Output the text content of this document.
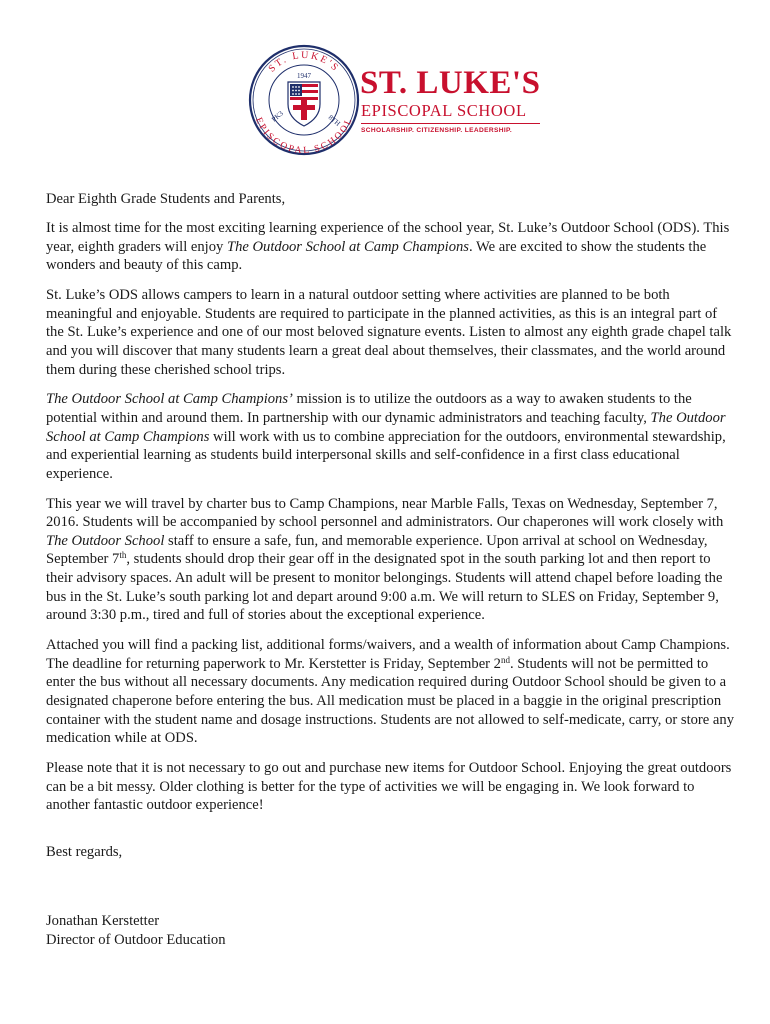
ST. LUKE'S
EPISCOPAL SCHOOL
1947
PK3	8TH
ST. LUKE'S
EPISCOPAL SCHOOL
SCHOLARSHIP. CITIZENSHIP. LEADERSHIP.

Dear Eighth Grade Students and Parents,

It is almost time for the most exciting learning experience of the school year, St. Luke’s Outdoor School (ODS). This year, eighth graders will enjoy The Outdoor School at Camp Champions. We are excited to show the students the wonders and beauty of this camp.

St. Luke’s ODS allows campers to learn in a natural outdoor setting where activities are planned to be both meaningful and enjoyable. Students are required to participate in the planned activities, as this is an integral part of the St. Luke’s experience and one of our most beloved signature events. Listen to almost any eighth grade chapel talk and you will discover that many students learn a great deal about themselves, their classmates, and the world around them during these cherished school trips.

The Outdoor School at Camp Champions’ mission is to utilize the outdoors as a way to awaken students to the potential within and around them. In partnership with our dynamic administrators and teaching faculty, The Outdoor School at Camp Champions will work with us to combine appreciation for the outdoors, environmental stewardship, and experiential learning as students build interpersonal skills and self-confidence in a first class educational experience.

This year we will travel by charter bus to Camp Champions, near Marble Falls, Texas on Wednesday, September 7, 2016. Students will be accompanied by school personnel and administrators. Our chaperones will work closely with The Outdoor School staff to ensure a safe, fun, and memorable experience. Upon arrival at school on Wednesday, September 7th, students should drop their gear off in the designated spot in the south parking lot and then report to their advisory spaces. An adult will be present to monitor belongings. Students will attend chapel before loading the bus in the St. Luke’s south parking lot and depart around 9:00 a.m. We will return to SLES on Friday, September 9, around 3:30 p.m., tired and full of stories about the exceptional experience.

Attached you will find a packing list, additional forms/waivers, and a wealth of information about Camp Champions. The deadline for returning paperwork to Mr. Kerstetter is Friday, September 2nd. Students will not be permitted to enter the bus without all necessary documents. Any medication required during Outdoor School should be given to a designated chaperone before entering the bus. All medication must be placed in a baggie in the original prescription container with the student name and dosage instructions. Students are not allowed to self-medicate, carry, or store any medication while at ODS.

Please note that it is not necessary to go out and purchase new items for Outdoor School. Enjoying the great outdoors can be a bit messy. Older clothing is better for the type of activities we will be engaging in. We look forward to another fantastic outdoor experience!

Best regards,

Jonathan Kerstetter
Director of Outdoor Education
